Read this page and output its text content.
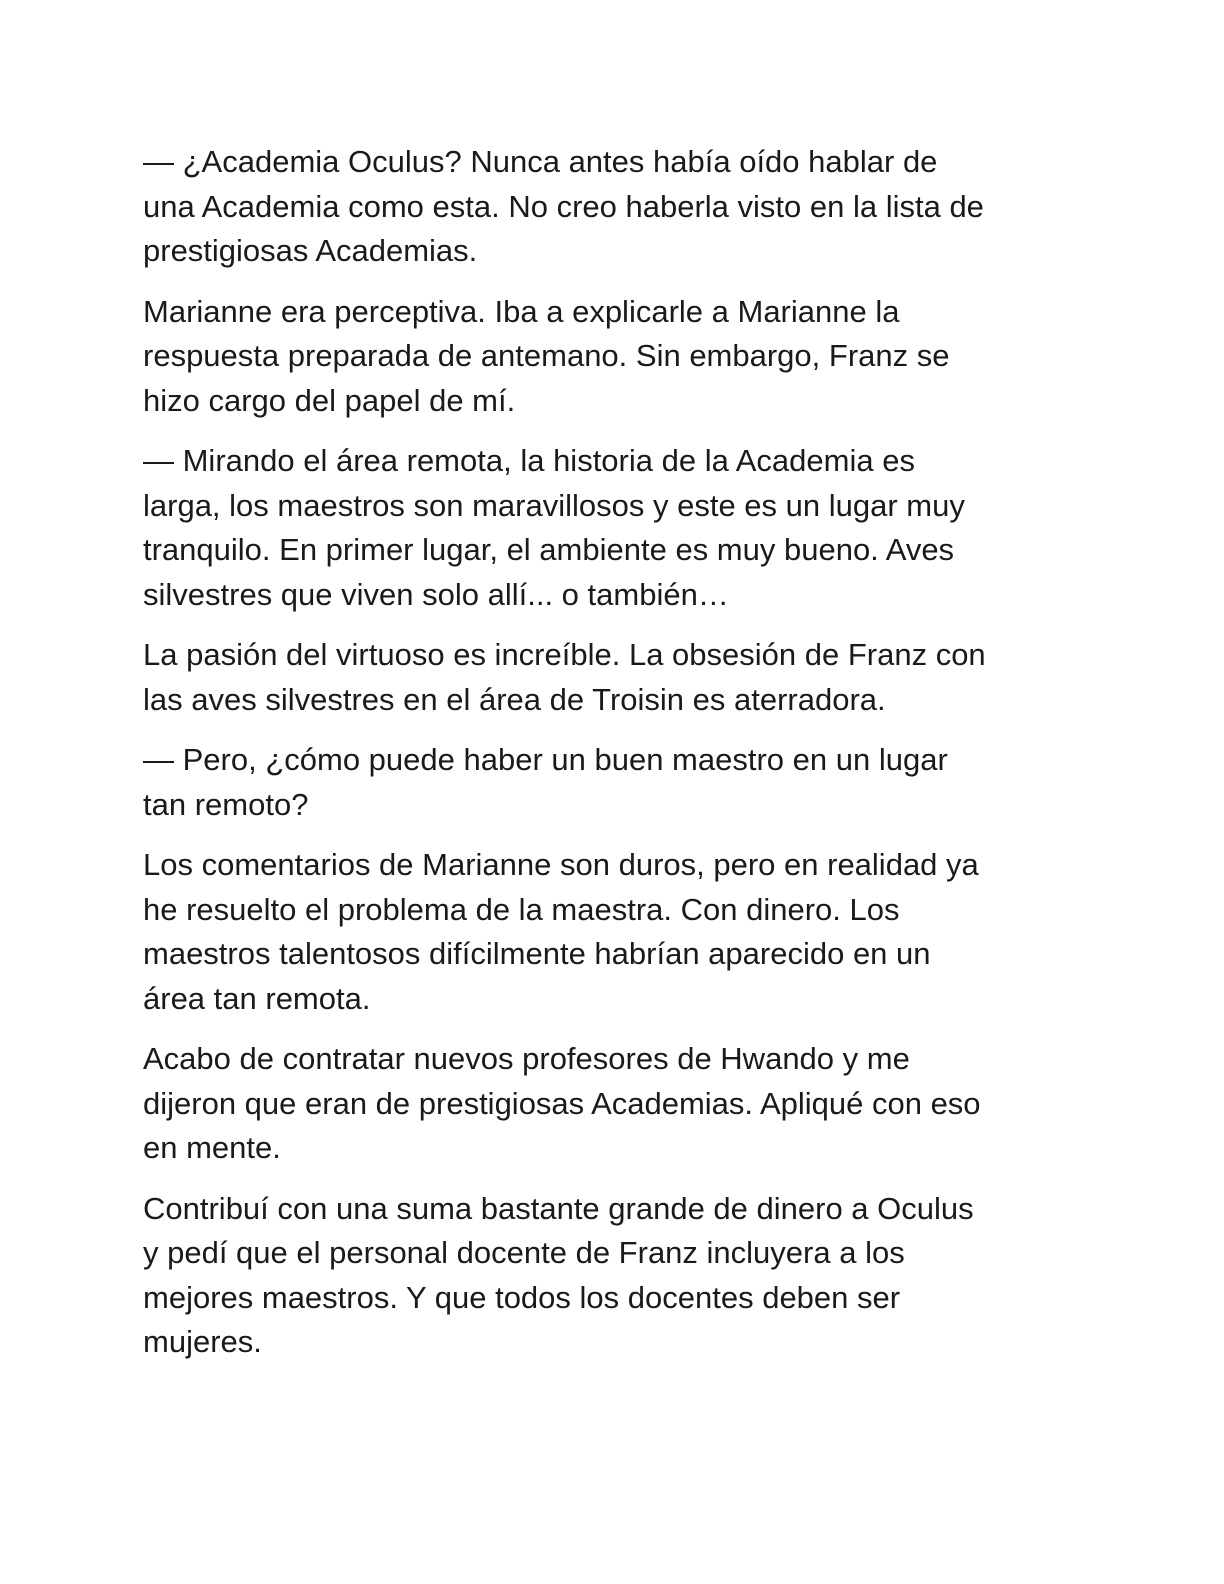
— ¿Academia Oculus? Nunca antes había oído hablar de
una Academia como esta. No creo haberla visto en la lista de
prestigiosas Academias.

Marianne era perceptiva. Iba a explicarle a Marianne la
respuesta preparada de antemano. Sin embargo, Franz se
hizo cargo del papel de mí.

— Mirando el área remota, la historia de la Academia es
larga, los maestros son maravillosos y este es un lugar muy
tranquilo. En primer lugar, el ambiente es muy bueno. Aves
silvestres que viven solo allí... o también…

La pasión del virtuoso es increíble. La obsesión de Franz con
las aves silvestres en el área de Troisin es aterradora.

— Pero, ¿cómo puede haber un buen maestro en un lugar
tan remoto?

Los comentarios de Marianne son duros, pero en realidad ya
he resuelto el problema de la maestra. Con dinero. Los
maestros talentosos difícilmente habrían aparecido en un
área tan remota.

Acabo de contratar nuevos profesores de Hwando y me
dijeron que eran de prestigiosas Academias. Apliqué con eso
en mente.

Contribuí con una suma bastante grande de dinero a Oculus
y pedí que el personal docente de Franz incluyera a los
mejores maestros. Y que todos los docentes deben ser
mujeres.
